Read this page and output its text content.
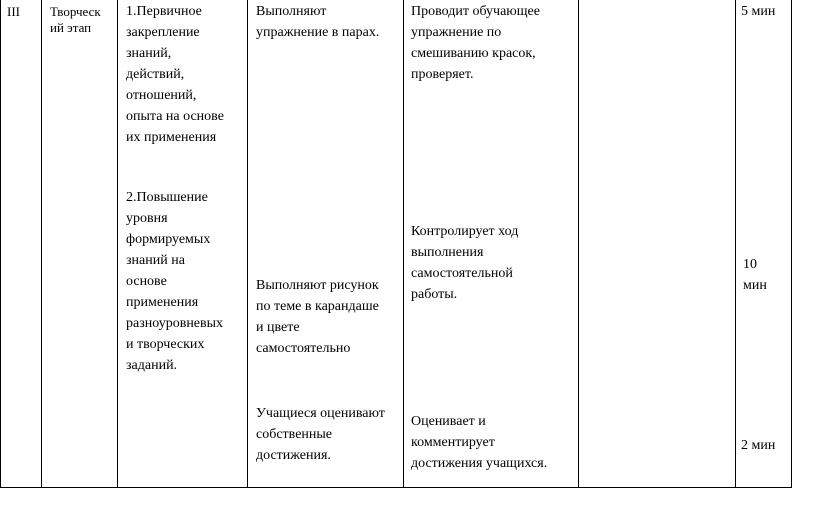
III Творческ
ий этап
1.Первичное
закрепление
знаний,
действий,
отношений,
опыта на основе
их применения
2.Повышение
уровня
формируемых
знаний на
основе
применения
разноуровневых
и творческих
заданий.
Выполняют
упражнение в парах.
Выполняют рисунок
по теме в карандаше
и цвете
самостоятельно
Учащиеся оценивают
собственные
достижения.
Проводит обучающее
упражнение по
смешиванию красок,
проверяет.
Контролирует ход
выполнения
самостоятельной
работы.
Оценивает и
комментирует
достижения учащихся.
5 мин
10
мин
2 мин
